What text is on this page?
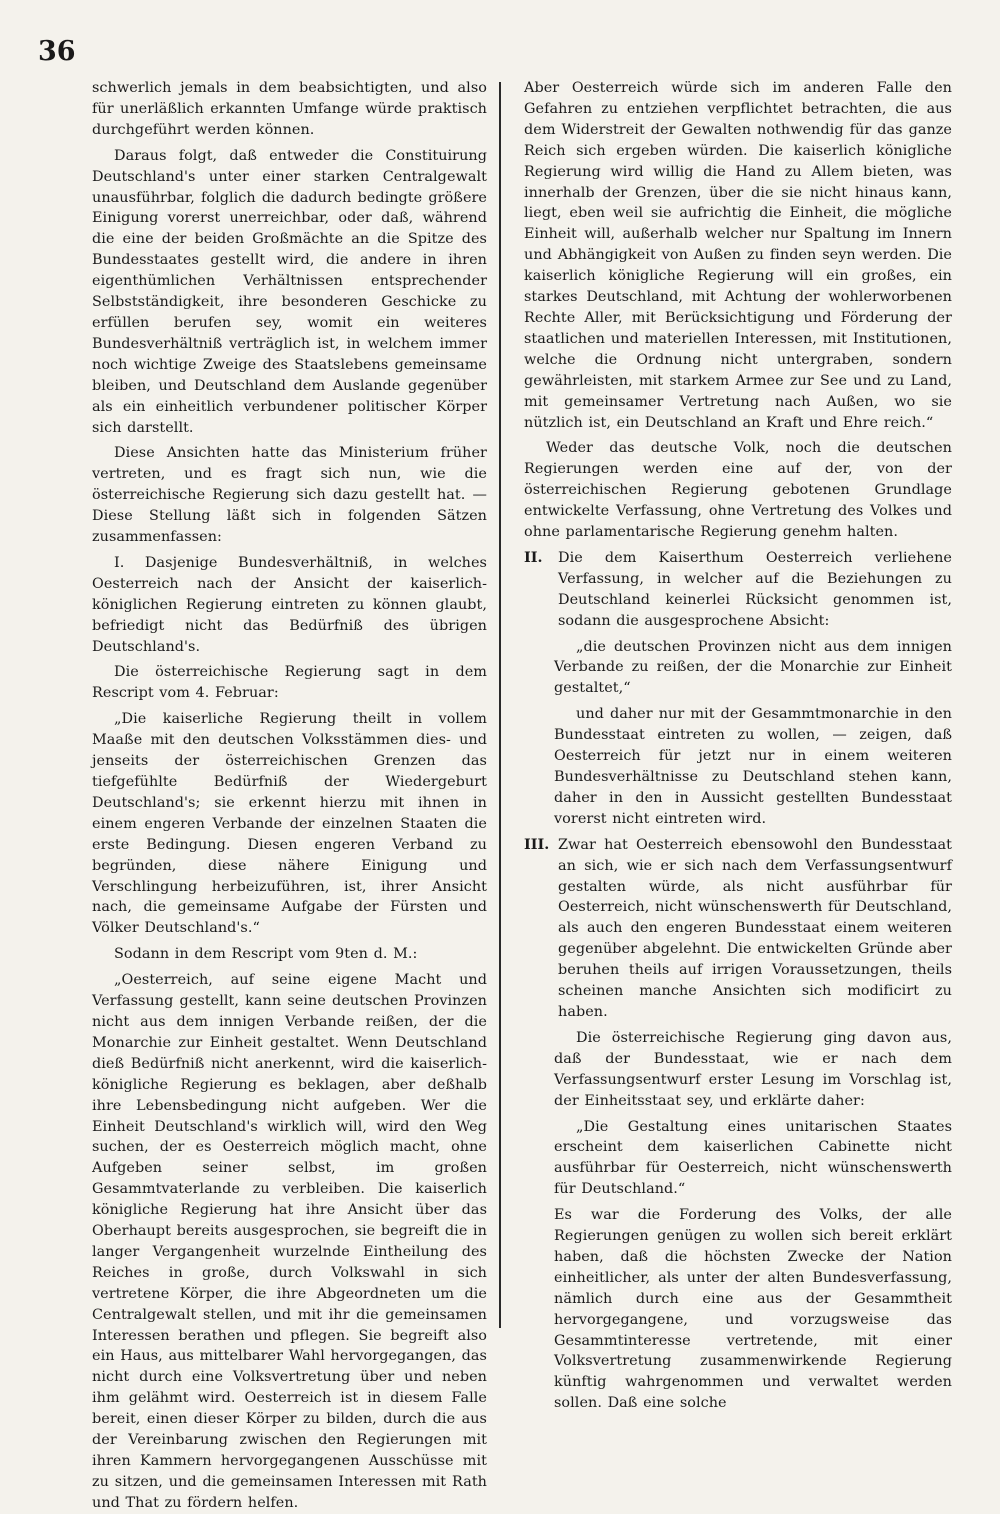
36

schwerlich jemals in dem beabsichtigten, und also für unerläßlich erkannten Umfange würde praktisch durchgeführt werden können.

Daraus folgt, daß entweder die Constituirung Deutschland's unter einer starken Centralgewalt unausführbar, folglich die dadurch bedingte größere Einigung vorerst unerreichbar, oder daß, während die eine der beiden Großmächte an die Spitze des Bundesstaates gestellt wird, die andere in ihren eigenthümlichen Verhältnissen entsprechender Selbstständigkeit, ihre besonderen Geschicke zu erfüllen berufen sey, womit ein weiteres Bundesverhältniß verträglich ist, in welchem immer noch wichtige Zweige des Staatslebens gemeinsame bleiben, und Deutschland dem Auslande gegenüber als ein einheitlich verbundener politischer Körper sich darstellt.

Diese Ansichten hatte das Ministerium früher vertreten, und es fragt sich nun, wie die österreichische Regierung sich dazu gestellt hat. — Diese Stellung läßt sich in folgenden Sätzen zusammenfassen:

I. Dasjenige Bundesverhältniß, in welches Oesterreich nach der Ansicht der kaiserlich-königlichen Regierung eintreten zu können glaubt, befriedigt nicht das Bedürfniß des übrigen Deutschland's.

Die österreichische Regierung sagt in dem Rescript vom 4. Februar:

„Die kaiserliche Regierung theilt in vollem Maaße mit den deutschen Volksstämmen dies- und jenseits der österreichischen Grenzen das tiefgefühlte Bedürfniß der Wiedergeburt Deutschland's; sie erkennt hierzu mit ihnen in einem engeren Verbande der einzelnen Staaten die erste Bedingung. Diesen engeren Verband zu begründen, diese nähere Einigung und Verschlingung herbeizuführen, ist, ihrer Ansicht nach, die gemeinsame Aufgabe der Fürsten und Völker Deutschland's.“

Sodann in dem Rescript vom 9ten d. M.:

„Oesterreich, auf seine eigene Macht und Verfassung gestellt, kann seine deutschen Provinzen nicht aus dem innigen Verbande reißen, der die Monarchie zur Einheit gestaltet. Wenn Deutschland dieß Bedürfniß nicht anerkennt, wird die kaiserlich-königliche Regierung es beklagen, aber deßhalb ihre Lebensbedingung nicht aufgeben. Wer die Einheit Deutschland's wirklich will, wird den Weg suchen, der es Oesterreich möglich macht, ohne Aufgeben seiner selbst, im großen Gesammtvaterlande zu verbleiben. Die kaiserlich königliche Regierung hat ihre Ansicht über das Oberhaupt bereits ausgesprochen, sie begreift die in langer Vergangenheit wurzelnde Eintheilung des Reiches in große, durch Volkswahl in sich vertretene Körper, die ihre Abgeordneten um die Centralgewalt stellen, und mit ihr die gemeinsamen Interessen berathen und pflegen. Sie begreift also ein Haus, aus mittelbarer Wahl hervorgegangen, das nicht durch eine Volksvertretung über und neben ihm gelähmt wird. Oesterreich ist in diesem Falle bereit, einen dieser Körper zu bilden, durch die aus der Vereinbarung zwischen den Regierungen mit ihren Kammern hervorgegangenen Ausschüsse mit zu sitzen, und die gemeinsamen Interessen mit Rath und That zu fördern helfen.

Aber Oesterreich würde sich im anderen Falle den Gefahren zu entziehen verpflichtet betrachten, die aus dem Widerstreit der Gewalten nothwendig für das ganze Reich sich ergeben würden. Die kaiserlich königliche Regierung wird willig die Hand zu Allem bieten, was innerhalb der Grenzen, über die sie nicht hinaus kann, liegt, eben weil sie aufrichtig die Einheit, die mögliche Einheit will, außerhalb welcher nur Spaltung im Innern und Abhängigkeit von Außen zu finden seyn werden. Die kaiserlich königliche Regierung will ein großes, ein starkes Deutschland, mit Achtung der wohlerworbenen Rechte Aller, mit Berücksichtigung und Förderung der staatlichen und materiellen Interessen, mit Institutionen, welche die Ordnung nicht untergraben, sondern gewährleisten, mit starkem Armee zur See und zu Land, mit gemeinsamer Vertretung nach Außen, wo sie nützlich ist, ein Deutschland an Kraft und Ehre reich.“

Weder das deutsche Volk, noch die deutschen Regierungen werden eine auf der, von der österreichischen Regierung gebotenen Grundlage entwickelte Verfassung, ohne Vertretung des Volkes und ohne parlamentarische Regierung genehm halten.

II.	Die dem Kaiserthum Oesterreich verliehene Verfassung, in welcher auf die Beziehungen zu Deutschland keinerlei Rücksicht genommen ist, sodann die ausgesprochene Absicht:

„die deutschen Provinzen nicht aus dem innigen Verbande zu reißen, der die Monarchie zur Einheit gestaltet,“

und daher nur mit der Gesammtmonarchie in den Bundesstaat eintreten zu wollen, — zeigen, daß Oesterreich für jetzt nur in einem weiteren Bundesverhältnisse zu Deutschland stehen kann, daher in den in Aussicht gestellten Bundesstaat vorerst nicht eintreten wird.

III. Zwar hat Oesterreich ebensowohl den Bundesstaat an sich, wie er sich nach dem Verfassungsentwurf gestalten würde, als nicht ausführbar für Oesterreich, nicht wünschenswerth für Deutschland, als auch den engeren Bundesstaat einem weiteren gegenüber abgelehnt. Die entwickelten Gründe aber beruhen theils auf irrigen Voraussetzungen, theils scheinen manche Ansichten sich modificirt zu haben.

Die österreichische Regierung ging davon aus, daß der Bundesstaat, wie er nach dem Verfassungsentwurf erster Lesung im Vorschlag ist, der Einheitsstaat sey, und erklärte daher:

„Die Gestaltung eines unitarischen Staates erscheint dem kaiserlichen Cabinette nicht ausführbar für Oesterreich, nicht wünschenswerth für Deutschland.“

Es war die Forderung des Volks, der alle Regierungen genügen zu wollen sich bereit erklärt haben, daß die höchsten Zwecke der Nation einheitlicher, als unter der alten Bundesverfassung, nämlich durch eine aus der Gesammtheit hervorgegangene, und vorzugsweise das Gesammtinteresse vertretende, mit einer Volksvertretung zusammenwirkende Regierung künftig wahrgenommen und verwaltet werden sollen. Daß eine solche
